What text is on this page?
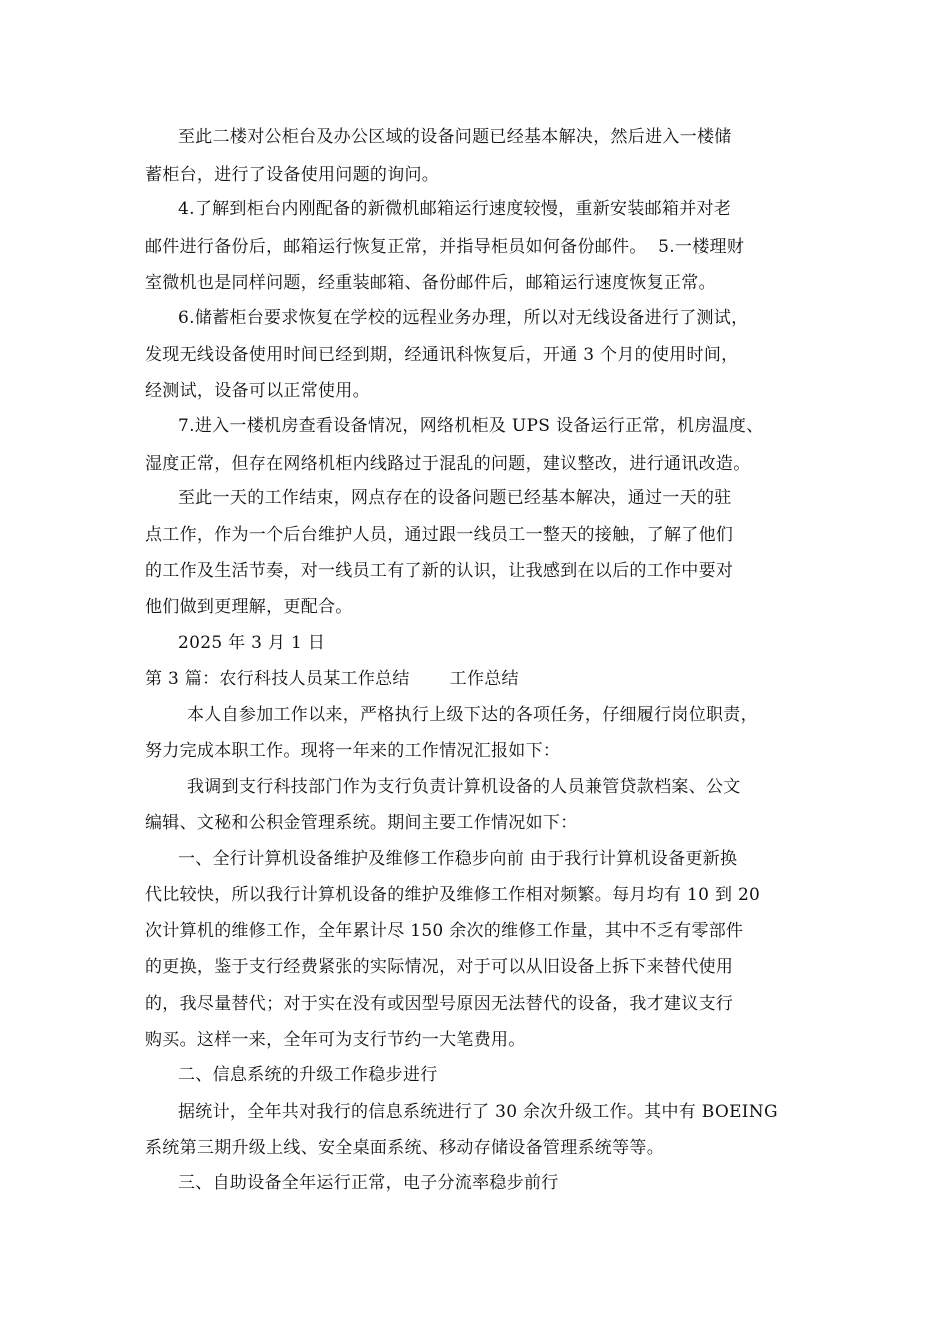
至此二楼对公柜台及办公区域的设备问题已经基本解决，然后进入一楼储
蓄柜台，进行了设备使用问题的询问。
4.了解到柜台内刚配备的新微机邮箱运行速度较慢，重新安装邮箱并对老
邮件进行备份后，邮箱运行恢复正常，并指导柜员如何备份邮件。  5.一楼理财
室微机也是同样问题，经重装邮箱、备份邮件后，邮箱运行速度恢复正常。
6.储蓄柜台要求恢复在学校的远程业务办理，所以对无线设备进行了测试，
发现无线设备使用时间已经到期，经通讯科恢复后，开通 3 个月的使用时间，
经测试，设备可以正常使用。
7.进入一楼机房查看设备情况，网络机柜及 UPS 设备运行正常，机房温度、
湿度正常，但存在网络机柜内线路过于混乱的问题，建议整改，进行通讯改造。
至此一天的工作结束，网点存在的设备问题已经基本解决，通过一天的驻
点工作，作为一个后台维护人员，通过跟一线员工一整天的接触，了解了他们
的工作及生活节奏，对一线员工有了新的认识，让我感到在以后的工作中要对
他们做到更理解，更配合。
2025 年 3 月 1 日
第 3 篇：农行科技人员某工作总结       工作总结
本人自参加工作以来，严格执行上级下达的各项任务，仔细履行岗位职责，
努力完成本职工作。现将一年来的工作情况汇报如下：
我调到支行科技部门作为支行负责计算机设备的人员兼管贷款档案、公文
编辑、文秘和公积金管理系统。期间主要工作情况如下：
一、全行计算机设备维护及维修工作稳步向前 由于我行计算机设备更新换
代比较快，所以我行计算机设备的维护及维修工作相对频繁。每月均有 10 到 20
次计算机的维修工作，全年累计尽 150 余次的维修工作量，其中不乏有零部件
的更换，鉴于支行经费紧张的实际情况，对于可以从旧设备上拆下来替代使用
的，我尽量替代；对于实在没有或因型号原因无法替代的设备，我才建议支行
购买。这样一来，全年可为支行节约一大笔费用。
二、信息系统的升级工作稳步进行
据统计，全年共对我行的信息系统进行了 30 余次升级工作。其中有 BOEING
系统第三期升级上线、安全桌面系统、移动存储设备管理系统等等。
三、自助设备全年运行正常，电子分流率稳步前行
